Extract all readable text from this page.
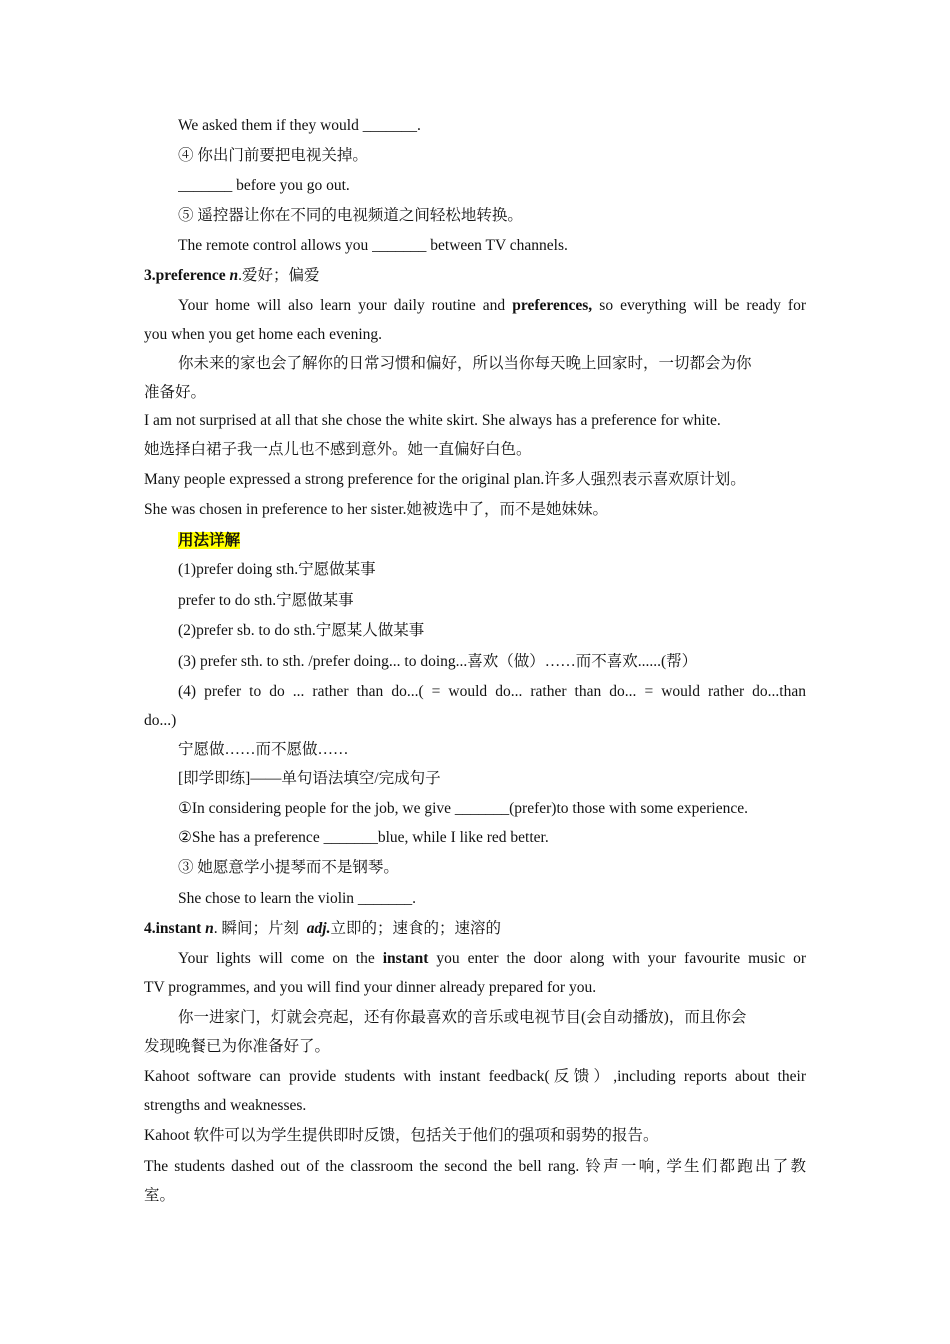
We asked them if they would _______.
④ 你出门前要把电视关掉。
_______ before you go out.
⑤ 遥控器让你在不同的电视频道之间轻松地转换。
The remote control allows you _______ between TV channels.
3.preference n.爱好；偏爱
Your home will also learn your daily routine and preferences, so everything will be ready for
you when you get home each evening.
你未来的家也会了解你的日常习惯和偏好，所以当你每天晚上回家时，一切都会为你
准备好。
I am not surprised at all that she chose the white skirt. She always has a preference for white.
她选择白裙子我一点儿也不感到意外。她一直偏好白色。
Many people expressed a strong preference for the original plan.许多人强烈表示喜欢原计划。
She was chosen in preference to her sister.她被选中了，而不是她妹妹。
用法详解
(1)prefer doing sth.宁愿做某事
prefer to do sth.宁愿做某事
(2)prefer sb. to do sth.宁愿某人做某事
(3) prefer sth. to sth. /prefer doing... to doing...喜欢（做）……而不喜欢......(帮）
(4) prefer to do ... rather than do...( = would do... rather than do... = would rather do...than
do...)
宁愿做……而不愿做……
[即学即练]——单句语法填空/完成句子
①In considering people for the job, we give _______(prefer)to those with some experience.
②She has a preference _______blue, while I like red better.
③ 她愿意学小提琴而不是钢琴。
She chose to learn the violin _______.
4.instant n. 瞬间；片刻 adj.立即的；速食的；速溶的
Your lights will come on the instant you enter the door along with your favourite music or
TV programmes, and you will find your dinner already prepared for you.
你一进家门，灯就会亮起，还有你最喜欢的音乐或电视节目(会自动播放)，而且你会
发现晚餐已为你准备好了。
Kahoot software can provide students with instant feedback(反馈）,including reports about their
strengths and weaknesses.
Kahoot 软件可以为学生提供即时反馈，包括关于他们的强项和弱势的报告。
The students dashed out of the classroom the second the bell rang. 铃声一响, 学生们都跑出了教
室。
